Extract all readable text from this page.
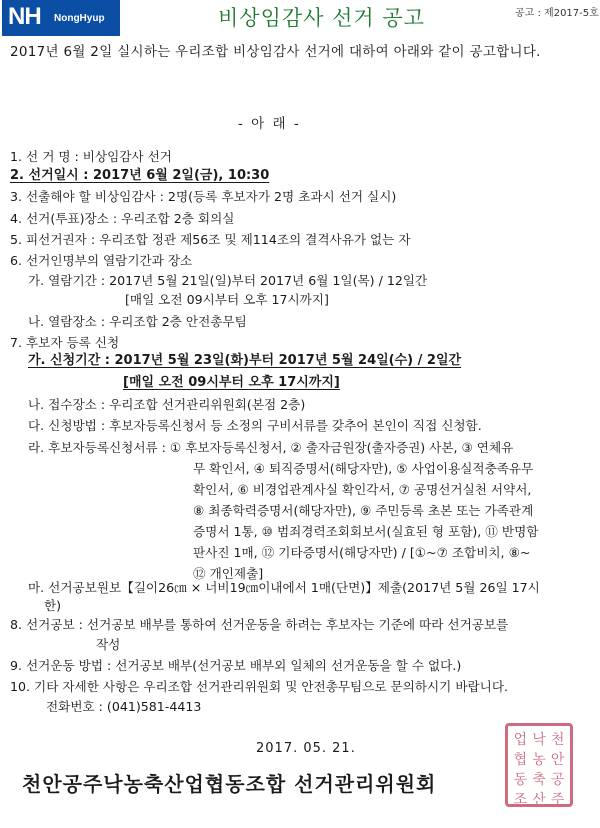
NH NongHyup	비상임감사 선거 공고	공고 : 제2017-5호
2017년 6월 2일 실시하는 우리조합 비상임감사 선거에 대하여 아래와 같이 공고합니다.
- 아 래 -
1. 선 거 명 : 비상임감사 선거
2. 선거일시 : 2017년 6월 2일(금), 10:30
3. 선출해야 할 비상임감사 : 2명(등록 후보자가 2명 초과시 선거 실시)
4. 선거(투표)장소 : 우리조합 2층 회의실
5. 피선거권자 : 우리조합 정관 제56조 및 제114조의 결격사유가 없는 자
6. 선거인명부의 열람기간과 장소
가. 열람기간 : 2017년 5월 21일(일)부터 2017년 6월 1일(목) / 12일간
[매일 오전 09시부터 오후 17시까지]
나. 열람장소 : 우리조합 2층 안전총무팀
7. 후보자 등록 신청
가. 신청기간 : 2017년 5월 23일(화)부터 2017년 5월 24일(수) / 2일간
[매일 오전 09시부터 오후 17시까지]
나. 접수장소 : 우리조합 선거관리위원회(본점 2층)
다. 신청방법 : 후보자등록신청서 등 소정의 구비서류를 갖추어 본인이 직접 신청함.
라. 후보자등록신청서류 : ① 후보자등록신청서, ② 출자금원장(출자증권) 사본, ③ 연체유
무 확인서, ④ 퇴직증명서(해당자만), ⑤ 사업이용실적충족유무
확인서, ⑥ 비경업관계사실 확인각서, ⑦ 공명선거실천 서약서,
⑧ 최종학력증명서(해당자만), ⑨ 주민등록 초본 또는 가족관계
증명서 1통, ⑩ 범죄경력조회회보서(실효된 형 포함), ⑪ 반명함
판사진 1매, ⑫ 기타증명서(해당자만) / [①~⑦ 조합비치, ⑧~
⑫ 개인제출]
마. 선거공보원보【길이26㎝ × 너비19㎝이내에서 1매(단면)】제출(2017년 5월 26일 17시
한)
8. 선거공보 : 선거공보 배부를 통하여 선거운동을 하려는 후보자는 기준에 따라 선거공보를
작성
9. 선거운동 방법 : 선거공보 배부(선거공보 배부외 일체의 선거운동을 할 수 없다.)
10. 기타 자세한 사항은 우리조합 선거관리위원회 및 안전총무팀으로 문의하시기 바랍니다.
전화번호 : (041)581-4413
2017. 05. 21.
천안공주낙농축산업협동조합 선거관리위원회
업 낙 천
협 농 안
동 축 공
조 산 주
